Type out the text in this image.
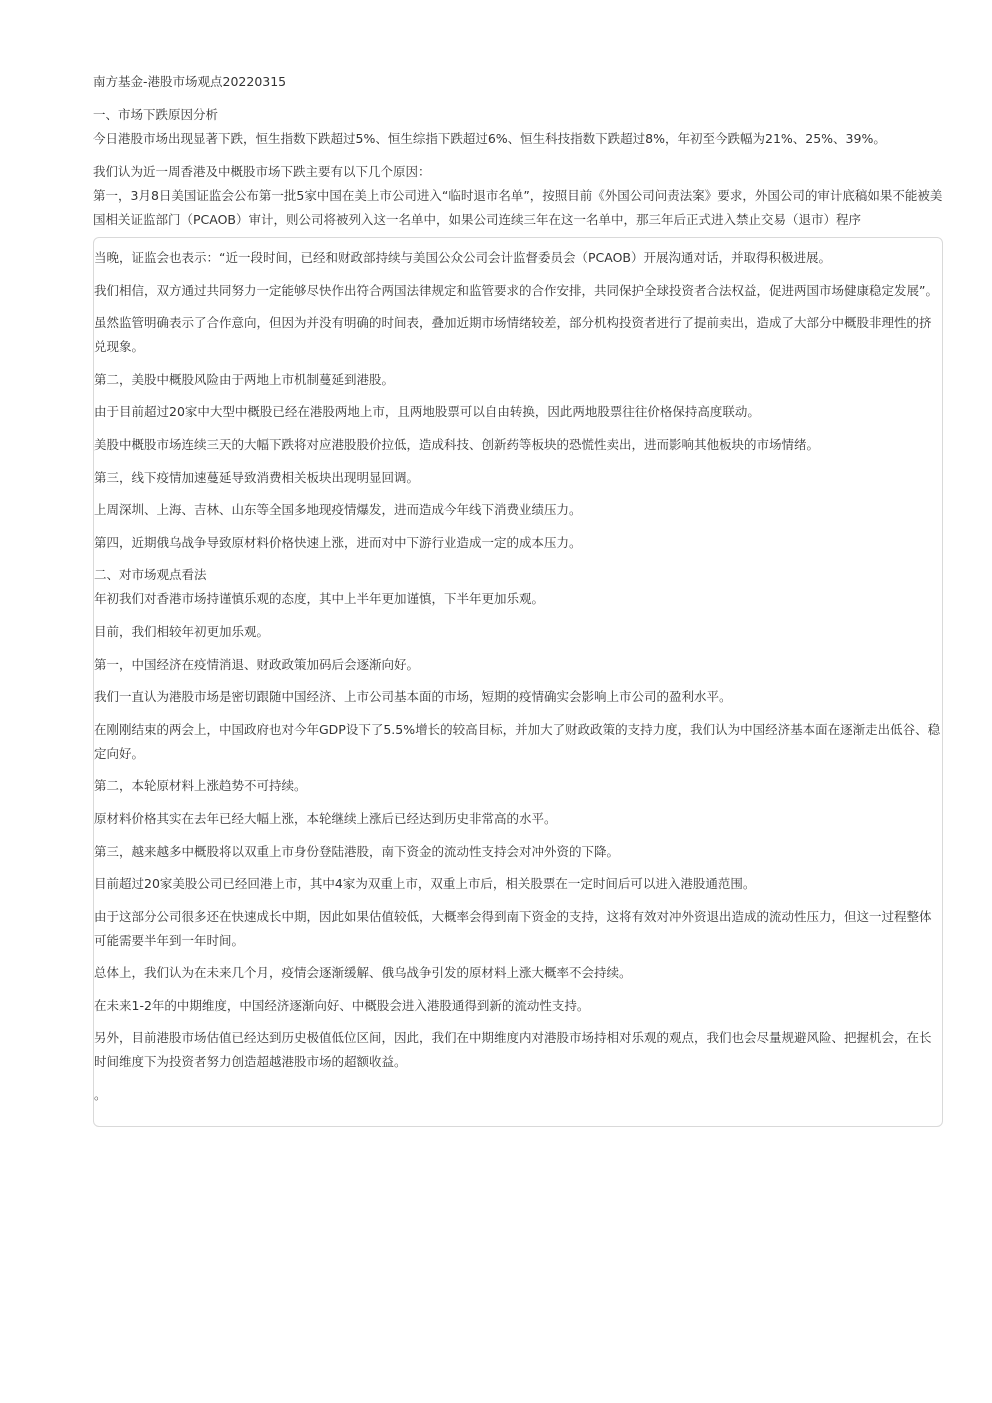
南方基金-港股市场观点20220315

一、市场下跌原因分析

今日港股市场出现显著下跌，恒生指数下跌超过5%、恒生综指下跌超过6%、恒生科技指数下跌超过8%，年初至今跌幅为21%、25%、39%。

我们认为近一周香港及中概股市场下跌主要有以下几个原因：

第一，3月8日美国证监会公布第一批5家中国在美上市公司进入“临时退市名单”，按照目前《外国公司问责法案》要求，外国公司的审计底稿如果不能被美国相关证监部门（PCAOB）审计，则公司将被列入这一名单中，如果公司连续三年在这一名单中，那三年后正式进入禁止交易（退市）程序

当晚，证监会也表示：“近一段时间，已经和财政部持续与美国公众公司会计监督委员会（PCAOB）开展沟通对话，并取得积极进展。

我们相信，双方通过共同努力一定能够尽快作出符合两国法律规定和监管要求的合作安排，共同保护全球投资者合法权益，促进两国市场健康稳定发展”。

虽然监管明确表示了合作意向，但因为并没有明确的时间表，叠加近期市场情绪较差，部分机构投资者进行了提前卖出，造成了大部分中概股非理性的挤兑现象。

第二，美股中概股风险由于两地上市机制蔓延到港股。

由于目前超过20家中大型中概股已经在港股两地上市，且两地股票可以自由转换，因此两地股票往往价格保持高度联动。

美股中概股市场连续三天的大幅下跌将对应港股股价拉低，造成科技、创新药等板块的恐慌性卖出，进而影响其他板块的市场情绪。

第三，线下疫情加速蔓延导致消费相关板块出现明显回调。

上周深圳、上海、吉林、山东等全国多地现疫情爆发，进而造成今年线下消费业绩压力。

第四，近期俄乌战争导致原材料价格快速上涨，进而对中下游行业造成一定的成本压力。

二、对市场观点看法

年初我们对香港市场持谨慎乐观的态度，其中上半年更加谨慎，下半年更加乐观。

目前，我们相较年初更加乐观。

第一，中国经济在疫情消退、财政政策加码后会逐渐向好。

我们一直认为港股市场是密切跟随中国经济、上市公司基本面的市场，短期的疫情确实会影响上市公司的盈利水平。

在刚刚结束的两会上，中国政府也对今年GDP设下了5.5%增长的较高目标，并加大了财政政策的支持力度，我们认为中国经济基本面在逐渐走出低谷、稳定向好。

第二，本轮原材料上涨趋势不可持续。

原材料价格其实在去年已经大幅上涨，本轮继续上涨后已经达到历史非常高的水平。

第三，越来越多中概股将以双重上市身份登陆港股，南下资金的流动性支持会对冲外资的下降。

目前超过20家美股公司已经回港上市，其中4家为双重上市，双重上市后，相关股票在一定时间后可以进入港股通范围。

由于这部分公司很多还在快速成长中期，因此如果估值较低，大概率会得到南下资金的支持，这将有效对冲外资退出造成的流动性压力，但这一过程整体可能需要半年到一年时间。

总体上，我们认为在未来几个月，疫情会逐渐缓解、俄乌战争引发的原材料上涨大概率不会持续。

在未来1-2年的中期维度，中国经济逐渐向好、中概股会进入港股通得到新的流动性支持。

另外，目前港股市场估值已经达到历史极值低位区间，因此，我们在中期维度内对港股市场持相对乐观的观点，我们也会尽量规避风险、把握机会，在长时间维度下为投资者努力创造超越港股市场的超额收益。

。
